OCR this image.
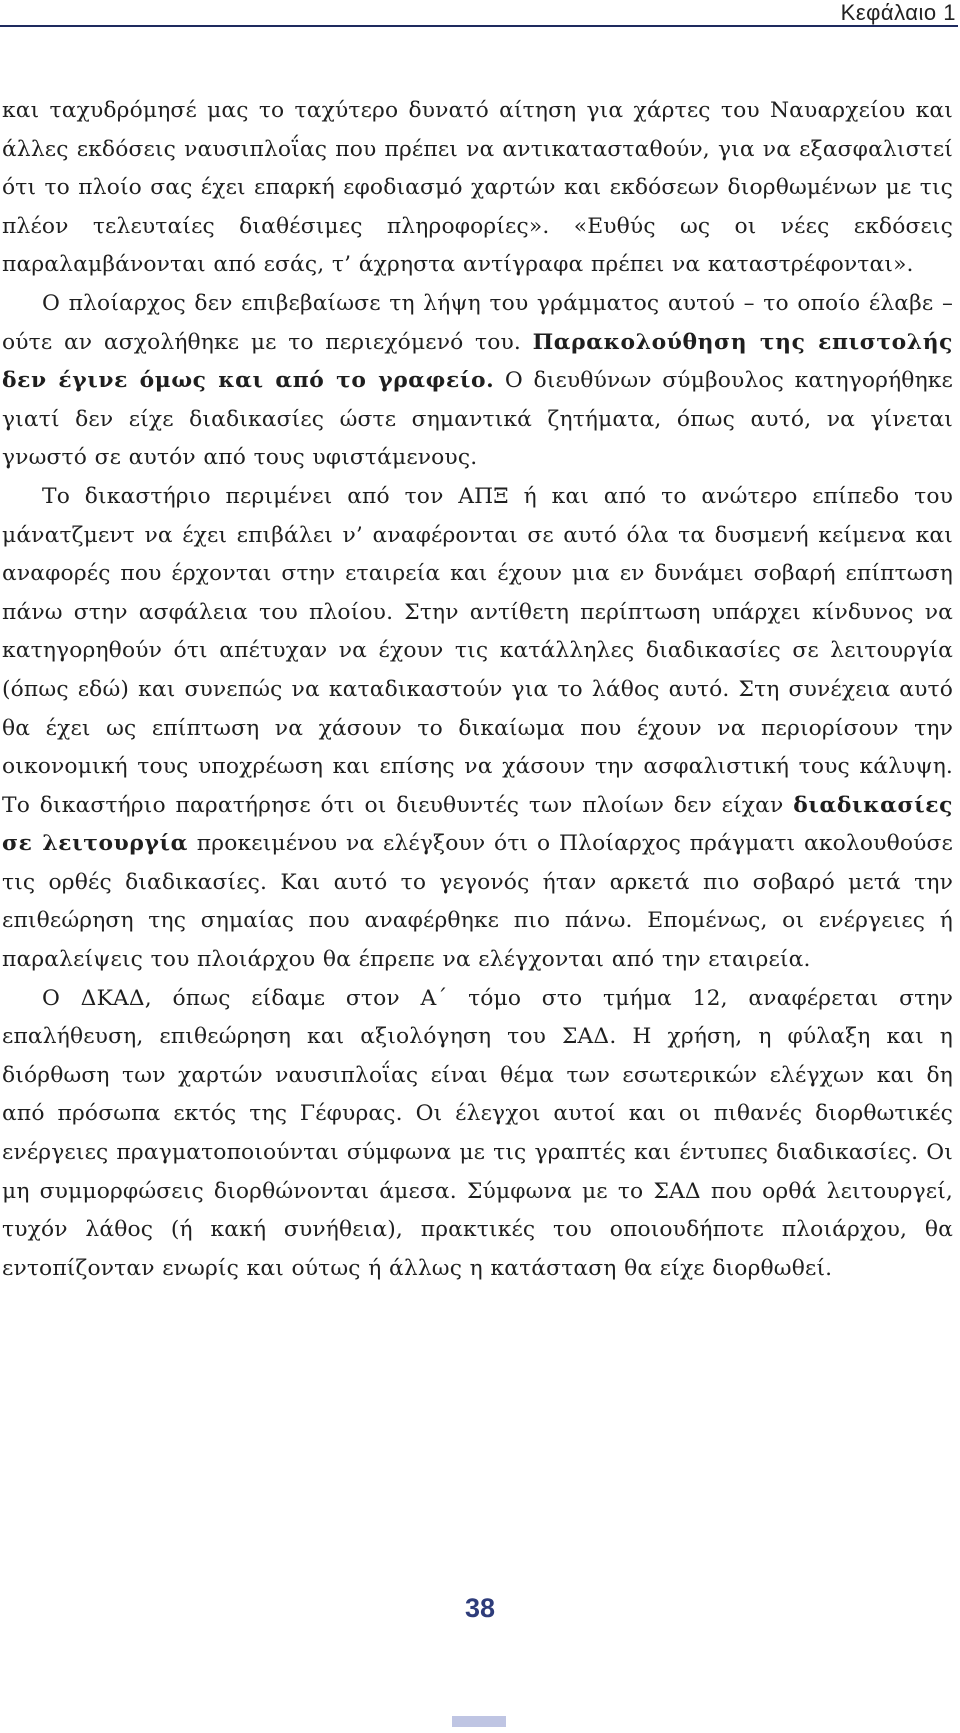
Κεφάλαιο 1

και ταχυδρόμησέ μας το ταχύτερο δυνατό αίτηση για χάρτες του Ναυαρχείου και άλλες εκδόσεις ναυσιπλοΐας που πρέπει να αντικατασταθούν, για να εξασφαλιστεί ότι το πλοίο σας έχει επαρκή εφοδιασμό χαρτών και εκδόσεων διορθωμένων με τις πλέον τελευταίες διαθέσιμες πληροφορίες». «Ευθύς ως οι νέες εκδόσεις παραλαμβάνονται από εσάς, τ’ άχρηστα αντίγραφα πρέπει να καταστρέφονται».

Ο πλοίαρχος δεν επιβεβαίωσε τη λήψη του γράμματος αυτού – το οποίο έλαβε – ούτε αν ασχολήθηκε με το περιεχόμενό του. Παρακολούθηση της επιστολής δεν έγινε όμως και από το γραφείο. Ο διευθύνων σύμβουλος κατηγορήθηκε γιατί δεν είχε διαδικασίες ώστε σημαντικά ζητήματα, όπως αυτό, να γίνεται γνωστό σε αυτόν από τους υφιστάμενους.

Το δικαστήριο περιμένει από τον ΑΠΞ ή και από το ανώτερο επίπεδο του μάνατζμεντ να έχει επιβάλει ν’ αναφέρονται σε αυτό όλα τα δυσμενή κείμενα και αναφορές που έρχονται στην εταιρεία και έχουν μια εν δυνάμει σοβαρή επίπτωση πάνω στην ασφάλεια του πλοίου. Στην αντίθετη περίπτωση υπάρχει κίνδυνος να κατηγορηθούν ότι απέτυχαν να έχουν τις κατάλληλες διαδικασίες σε λειτουργία (όπως εδώ) και συνεπώς να καταδικαστούν για το λάθος αυτό. Στη συνέχεια αυτό θα έχει ως επίπτωση να χάσουν το δικαίωμα που έχουν να περιορίσουν την οικονομική τους υποχρέωση και επίσης να χάσουν την ασφαλιστική τους κάλυψη. Το δικαστήριο παρατήρησε ότι οι διευθυντές των πλοίων δεν είχαν διαδικασίες σε λειτουργία προκειμένου να ελέγξουν ότι ο Πλοίαρχος πράγματι ακολουθούσε τις ορθές διαδικασίες. Και αυτό το γεγονός ήταν αρκετά πιο σοβαρό μετά την επιθεώρηση της σημαίας που αναφέρθηκε πιο πάνω. Επομένως, οι ενέργειες ή παραλείψεις του πλοιάρχου θα έπρεπε να ελέγχονται από την εταιρεία.

Ο ΔΚΑΔ, όπως είδαμε στον Α΄ τόμο στο τμήμα 12, αναφέρεται στην επαλήθευση, επιθεώρηση και αξιολόγηση του ΣΑΔ. Η χρήση, η φύλαξη και η διόρθωση των χαρτών ναυσιπλοΐας είναι θέμα των εσωτερικών ελέγχων και δη από πρόσωπα εκτός της Γέφυρας. Οι έλεγχοι αυτοί και οι πιθανές διορθωτικές ενέργειες πραγματοποιούνται σύμφωνα με τις γραπτές και έντυπες διαδικασίες. Οι μη συμμορφώσεις διορθώνονται άμεσα. Σύμφωνα με το ΣΑΔ που ορθά λειτουργεί, τυχόν λάθος (ή κακή συνήθεια), πρακτικές του οποιουδήποτε πλοιάρχου, θα εντοπίζονταν ενωρίς και ούτως ή άλλως η κατάσταση θα είχε διορθωθεί.

38
